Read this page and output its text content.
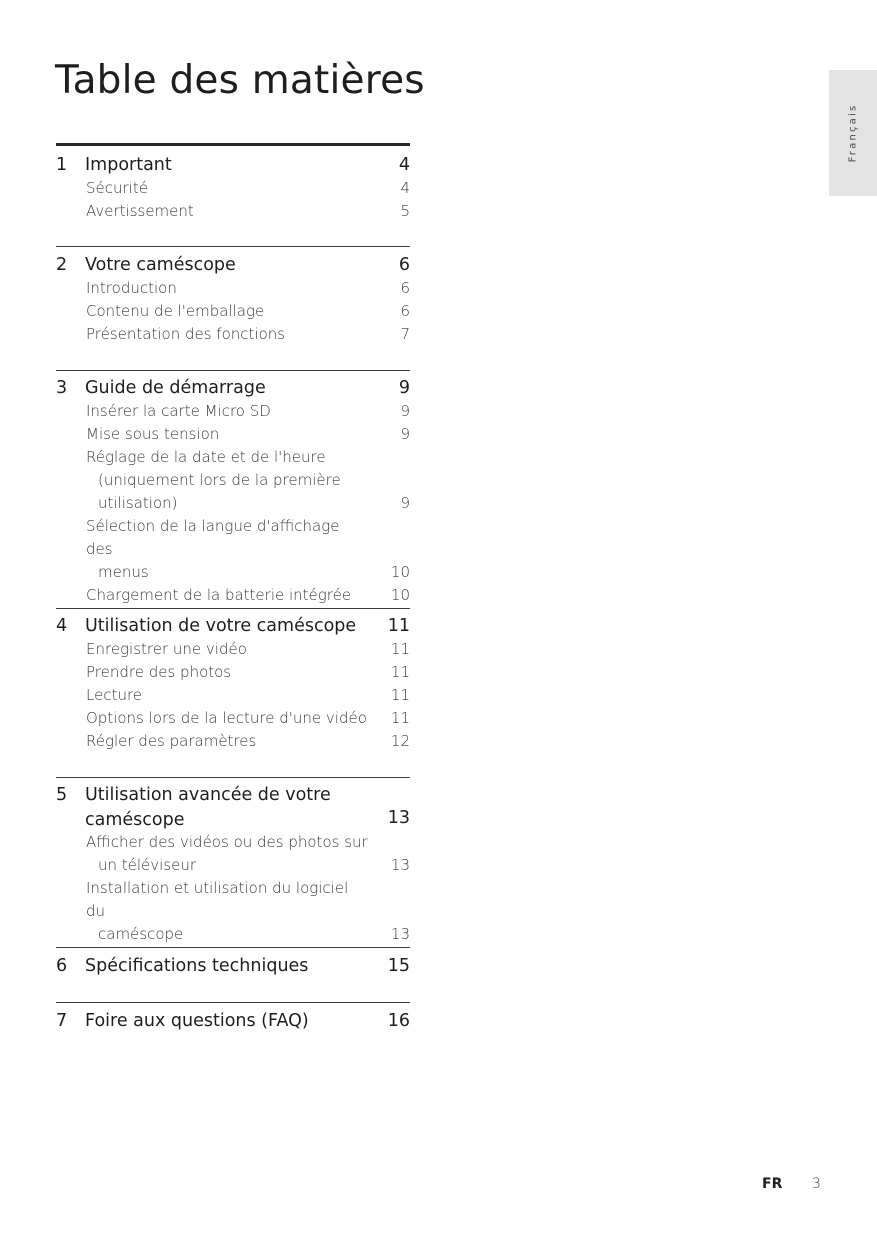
Table des matières
Français
1	Important	4
Sécurité	4
Avertissement	5
2	Votre caméscope	6
Introduction	6
Contenu de l'emballage	6
Présentation des fonctions	7
3	Guide de démarrage	9
Insérer la carte Micro SD	9
Mise sous tension	9
Réglage de la date et de l'heure
(uniquement lors de la première
utilisation)	9
Sélection de la langue d'affichage des
menus	10
Chargement de la batterie intégrée	10
4	Utilisation de votre caméscope	11
Enregistrer une vidéo	11
Prendre des photos	11
Lecture	11
Options lors de la lecture d'une vidéo	11
Régler des paramètres	12
5 Utilisation avancée de votre
caméscope	13
Afficher des vidéos ou des photos sur
un téléviseur	13
Installation et utilisation du logiciel du
caméscope	13
6	Spécifications techniques	15
7	Foire aux questions (FAQ)	16
FR 3
